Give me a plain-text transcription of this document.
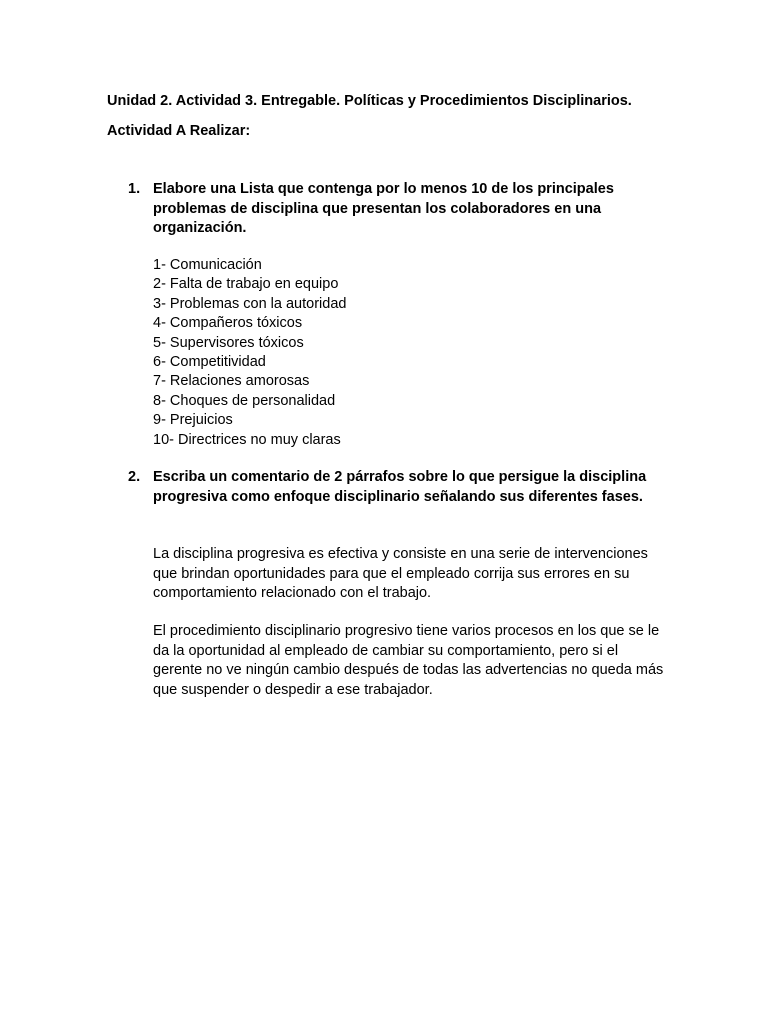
Unidad 2. Actividad 3. Entregable. Políticas y Procedimientos Disciplinarios.
Actividad A Realizar:
1. Elabore una Lista que contenga por lo menos 10 de los principales problemas de disciplina que presentan los colaboradores en una organización.
1- Comunicación
2- Falta de trabajo en equipo
3- Problemas con la autoridad
4- Compañeros tóxicos
5- Supervisores tóxicos
6- Competitividad
7- Relaciones amorosas
8- Choques de personalidad
9- Prejuicios
10- Directrices no muy claras
2. Escriba un comentario de 2 párrafos sobre lo que persigue la disciplina progresiva como enfoque disciplinario señalando sus diferentes fases.

La disciplina progresiva es efectiva y consiste en una serie de intervenciones que brindan oportunidades para que el empleado corrija sus errores en su comportamiento relacionado con el trabajo.

El procedimiento disciplinario progresivo tiene varios procesos en los que se le da la oportunidad al empleado de cambiar su comportamiento, pero si el gerente no ve ningún cambio después de todas las advertencias no queda más que suspender o despedir a ese trabajador.
